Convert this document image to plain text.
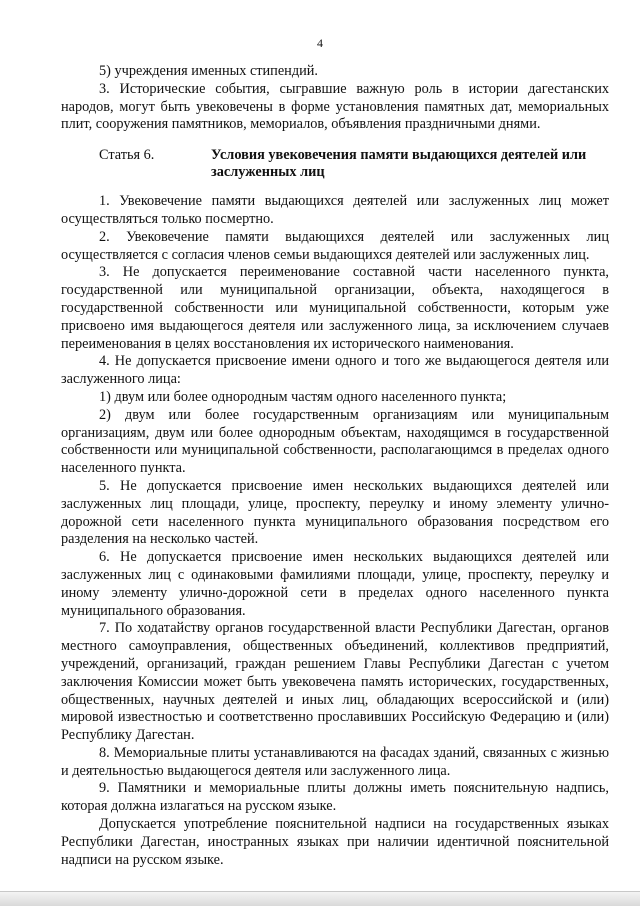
4

5) учреждения именных стипендий.

3. Исторические события, сыгравшие важную роль в истории дагестанских народов, могут быть увековечены в форме установления памятных дат, мемориальных плит, сооружения памятников, мемориалов, объявления праздничными днями.

Статья 6.	Условия увековечения памяти выдающихся деятелей или заслуженных лиц

1. Увековечение памяти выдающихся деятелей или заслуженных лиц может осуществляться только посмертно.

2. Увековечение памяти выдающихся деятелей или заслуженных лиц осуществляется с согласия членов семьи выдающихся деятелей или заслуженных лиц.

3. Не допускается переименование составной части населенного пункта, государственной или муниципальной организации, объекта, находящегося в государственной собственности или муниципальной собственности, которым уже присвоено имя выдающегося деятеля или заслуженного лица, за исключением случаев переименования в целях восстановления их исторического наименования.

4. Не допускается присвоение имени одного и того же выдающегося деятеля или заслуженного лица:

1) двум или более однородным частям одного населенного пункта;

2) двум или более государственным организациям или муниципальным организациям, двум или более однородным объектам, находящимся в государственной собственности или муниципальной собственности, располагающимся в пределах одного населенного пункта.

5. Не допускается присвоение имен нескольких выдающихся деятелей или заслуженных лиц площади, улице, проспекту, переулку и иному элементу улично-дорожной сети населенного пункта муниципального образования посредством его разделения на несколько частей.

6. Не допускается присвоение имен нескольких выдающихся деятелей или заслуженных лиц с одинаковыми фамилиями площади, улице, проспекту, переулку и иному элементу улично-дорожной сети в пределах одного населенного пункта муниципального образования.

7. По ходатайству органов государственной власти Республики Дагестан, органов местного самоуправления, общественных объединений, коллективов предприятий, учреждений, организаций, граждан решением Главы Республики Дагестан с учетом заключения Комиссии может быть увековечена память исторических, государственных, общественных, научных деятелей и иных лиц, обладающих всероссийской и (или) мировой известностью и соответственно прославивших Российскую Федерацию и (или) Республику Дагестан.

8. Мемориальные плиты устанавливаются на фасадах зданий, связанных с жизнью и деятельностью выдающегося деятеля или заслуженного лица.

9. Памятники и мемориальные плиты должны иметь пояснительную надпись, которая должна излагаться на русском языке.

Допускается употребление пояснительной надписи на государственных языках Республики Дагестан, иностранных языках при наличии идентичной пояснительной надписи на русском языке.
